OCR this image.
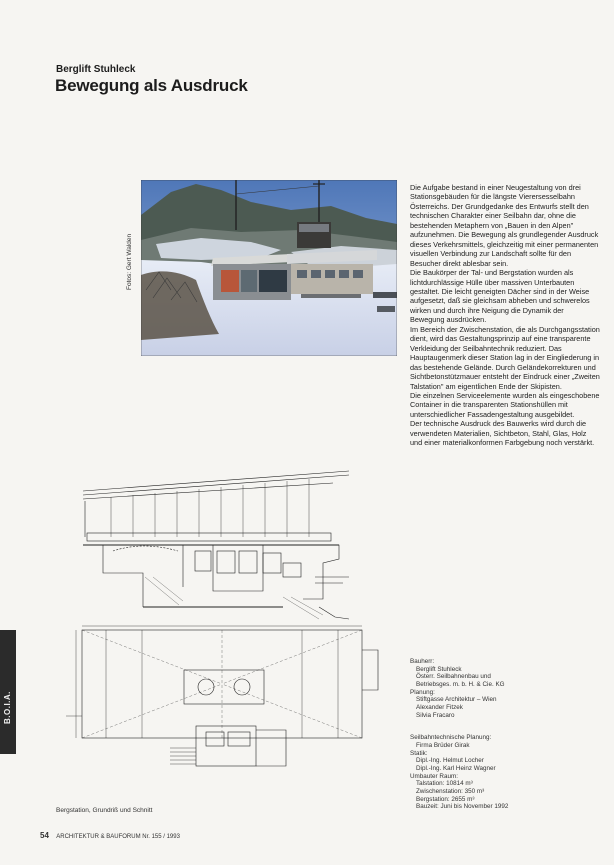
Berglift Stuhleck
Bewegung als Ausdruck
Fotos: Gert Walden

Die Aufgabe bestand in einer Neugestaltung von drei Stationsgebäuden für die längste Vierersesselbahn Österreichs. Der Grundgedanke des Entwurfs stellt den technischen Charakter einer Seilbahn dar, ohne die bestehenden Metaphern von „Bauen in den Alpen" aufzunehmen. Die Bewegung als grundlegender Ausdruck dieses Verkehrsmittels, gleichzeitig mit einer permanenten visuellen Verbindung zur Landschaft sollte für den Besucher direkt ablesbar sein.

Die Baukörper der Tal- und Bergstation wurden als lichtdurchlässige Hülle über massiven Unterbauten gestaltet. Die leicht geneigten Dächer sind in der Weise aufgesetzt, daß sie gleichsam abheben und schwerelos wirken und durch ihre Neigung die Dynamik der Bewegung ausdrücken.

Im Bereich der Zwischenstation, die als Durchgangsstation dient, wird das Gestaltungsprinzip auf eine transparente Verkleidung der Seilbahntechnik reduziert. Das Hauptaugenmerk dieser Station lag in der Eingliederung in das bestehende Gelände. Durch Geländekorrekturen und Sichtbetonstützmauer entsteht der Eindruck einer „Zweiten Talstation" am eigentlichen Ende der Skipisten.

Die einzelnen Serviceelemente wurden als eingeschobene Container in die transparenten Stationshüllen mit unterschiedlicher Fassadengestaltung ausgebildet.

Der technische Ausdruck des Bauwerks wird durch die verwendeten Materialien, Sichtbeton, Stahl, Glas, Holz und einer materialkonformen Farbgebung noch verstärkt.

Bergstation, Grundriß und Schnitt
Bauherr:
Berglift Stuhleck
Österr. Seilbahnenbau und
Betriebsges. m. b. H. & Cie. KG
Planung:
Stiftgasse Architektur – Wien
Alexander Fitzek
Silvia Fracaro
Seilbahntechnische Planung:
Firma Brüder Girak
Statik:
Dipl.-Ing. Helmut Locher
Dipl.-Ing. Karl Heinz Wagner
Umbauter Raum:
Talstation: 10814 m³
Zwischenstation: 350 m³
Bergstation: 2655 m³
Bauzeit: Juni bis November 1992
54 ARCHITEKTUR & BAUFORUM Nr. 155 / 1993
B.O.I.A.
